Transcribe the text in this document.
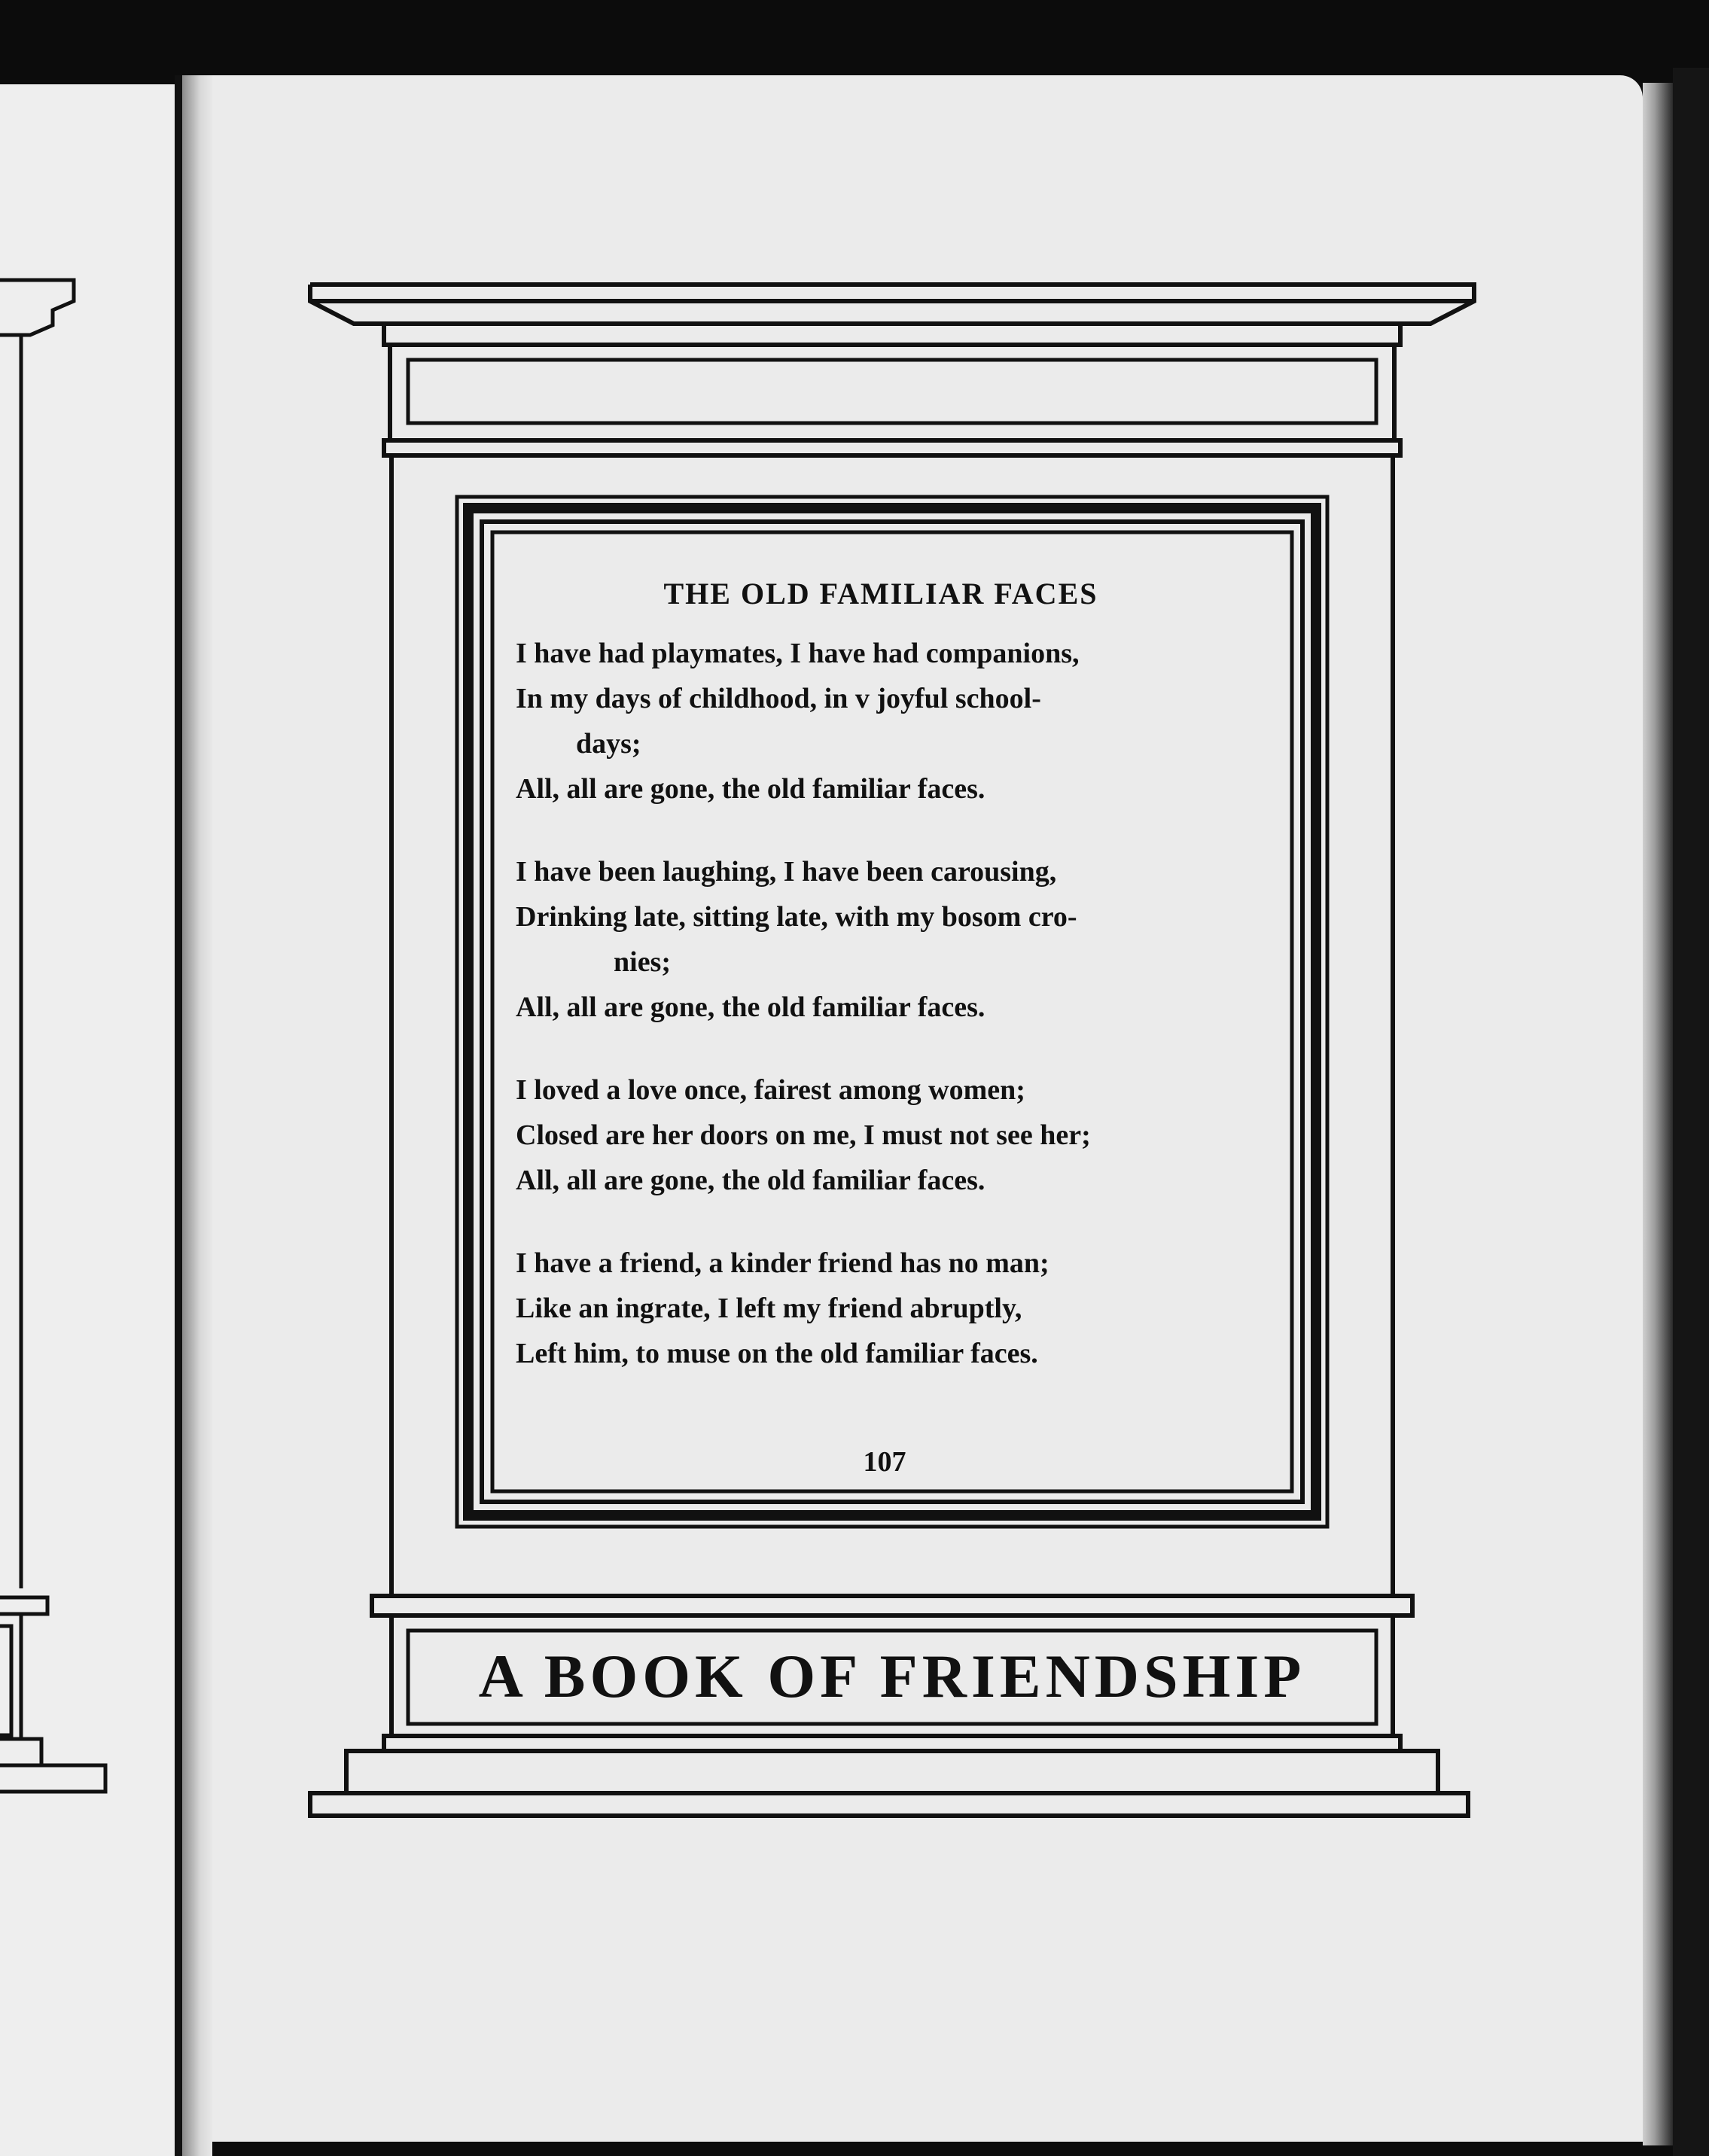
THE OLD FAMILIAR FACES
I have had playmates, I have had companions,
In my days of childhood, in v joyful school-
days;
All, all are gone, the old familiar faces.
I have been laughing, I have been carousing,
Drinking late, sitting late, with my bosom cro-
nies;
All, all are gone, the old familiar faces.
I loved a love once, fairest among women;
Closed are her doors on me, I must not see her;
All, all are gone, the old familiar faces.
I have a friend, a kinder friend has no man;
Like an ingrate, I left my friend abruptly,
Left him, to muse on the old familiar faces.
107
A BOOK OF FRIENDSHIP
